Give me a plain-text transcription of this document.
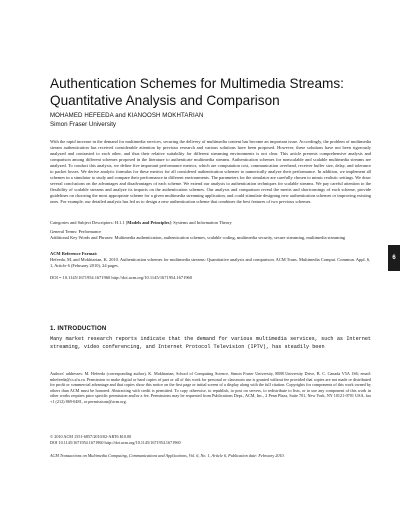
Authentication Schemes for Multimedia Streams: Quantitative Analysis and Comparison
MOHAMED HEFEEDA and KIANOOSH MOKHTARIAN
Simon Fraser University

With the rapid increase in the demand for multimedia services, securing the delivery of multimedia content has become an important issue. Accordingly, the problem of multimedia stream authentication has received considerable attention by previous research and various solutions have been proposed. However, these solutions have not been rigorously analyzed and contrasted to each other, and thus their relative suitability for different streaming environments is not clear. This article presents comprehensive analysis and comparison among different schemes proposed in the literature to authenticate multimedia streams. Authentication schemes for nonscalable and scalable multimedia streams are analyzed. To conduct this analysis, we define five important performance metrics, which are computation cost, communication overhead, receiver buffer size, delay, and tolerance to packet losses. We derive analytic formulas for these metrics for all considered authentication schemes to numerically analyze their performance. In addition, we implement all schemes in a simulator to study and compare their performance in different environments. The parameters for the simulator are carefully chosen to mimic realistic settings. We draw several conclusions on the advantages and disadvantages of each scheme. We extend our analysis to authentication techniques for scalable streams. We pay careful attention to the flexibility of scalable streams and analyze its impacts on the authentication schemes. Our analysis and comparison reveal the merits and shortcomings of each scheme, provide guidelines on choosing the most appropriate scheme for a given multimedia streaming application, and could stimulate designing new authentication schemes or improving existing ones. For example, our detailed analysis has led us to design a new authentication scheme that combines the best features of two previous schemes.

Categories and Subject Descriptors: H.1.1 [Models and Principles]: Systems and Information Theory

General Terms: Performance

Additional Key Words and Phrases: Multimedia authentication, authentication schemes, scalable coding, multimedia security, secure streaming, multimedia streaming

ACM Reference Format:

Hefeeda, M. and Mokhtarian, K. 2010. Authentication schemes for multimedia streams: Quantitative analysis and comparison. ACM Trans. Multimedia Comput. Commun. Appl. 6, 1, Article 6 (February 2010), 24 pages.

DOI = 10.1145/1671954.1671960 http://doi.acm.org/10.1145/1671954.1671960

6
1. INTRODUCTION

Many market research reports indicate that the demand for various multimedia services, such as Internet streaming, video conferencing, and Internet Protocol Television (IPTV), has steadily been

Authors' addresses: M. Hefeeda (corresponding author), K. Mokhtarian, School of Computing Science, Simon Fraser University, 8888 University Drive, B. C. Canada V5A 1S6; email: mhefeeda@cs.sfu.ca. Permission to make digital or hard copies of part or all of this work for personal or classroom use is granted without fee provided that copies are not made or distributed for profit or commercial advantage and that copies show this notice on the first page or initial screen of a display along with the full citation. Copyrights for components of this work owned by others than ACM must be honored. Abstracting with credit is permitted. To copy otherwise, to republish, to post on servers, to redistribute to lists, or to use any component of this work in other works requires prior specific permission and/or a fee. Permissions may be requested from Publications Dept., ACM, Inc., 2 Penn Plaza, Suite 701, New York, NY 10121-0701 USA, fax +1 (212) 869-0481, or permissions@acm.org.

© 2010 ACM 1551-6857/2010/02-ART6 $10.00
DOI 10.1145/1671954.1671960 http://doi.acm.org/10.1145/1671954.1671960
ACM Transactions on Multimedia Computing, Communications and Applications, Vol. 6, No. 1, Article 6, Publication date: February 2010.
